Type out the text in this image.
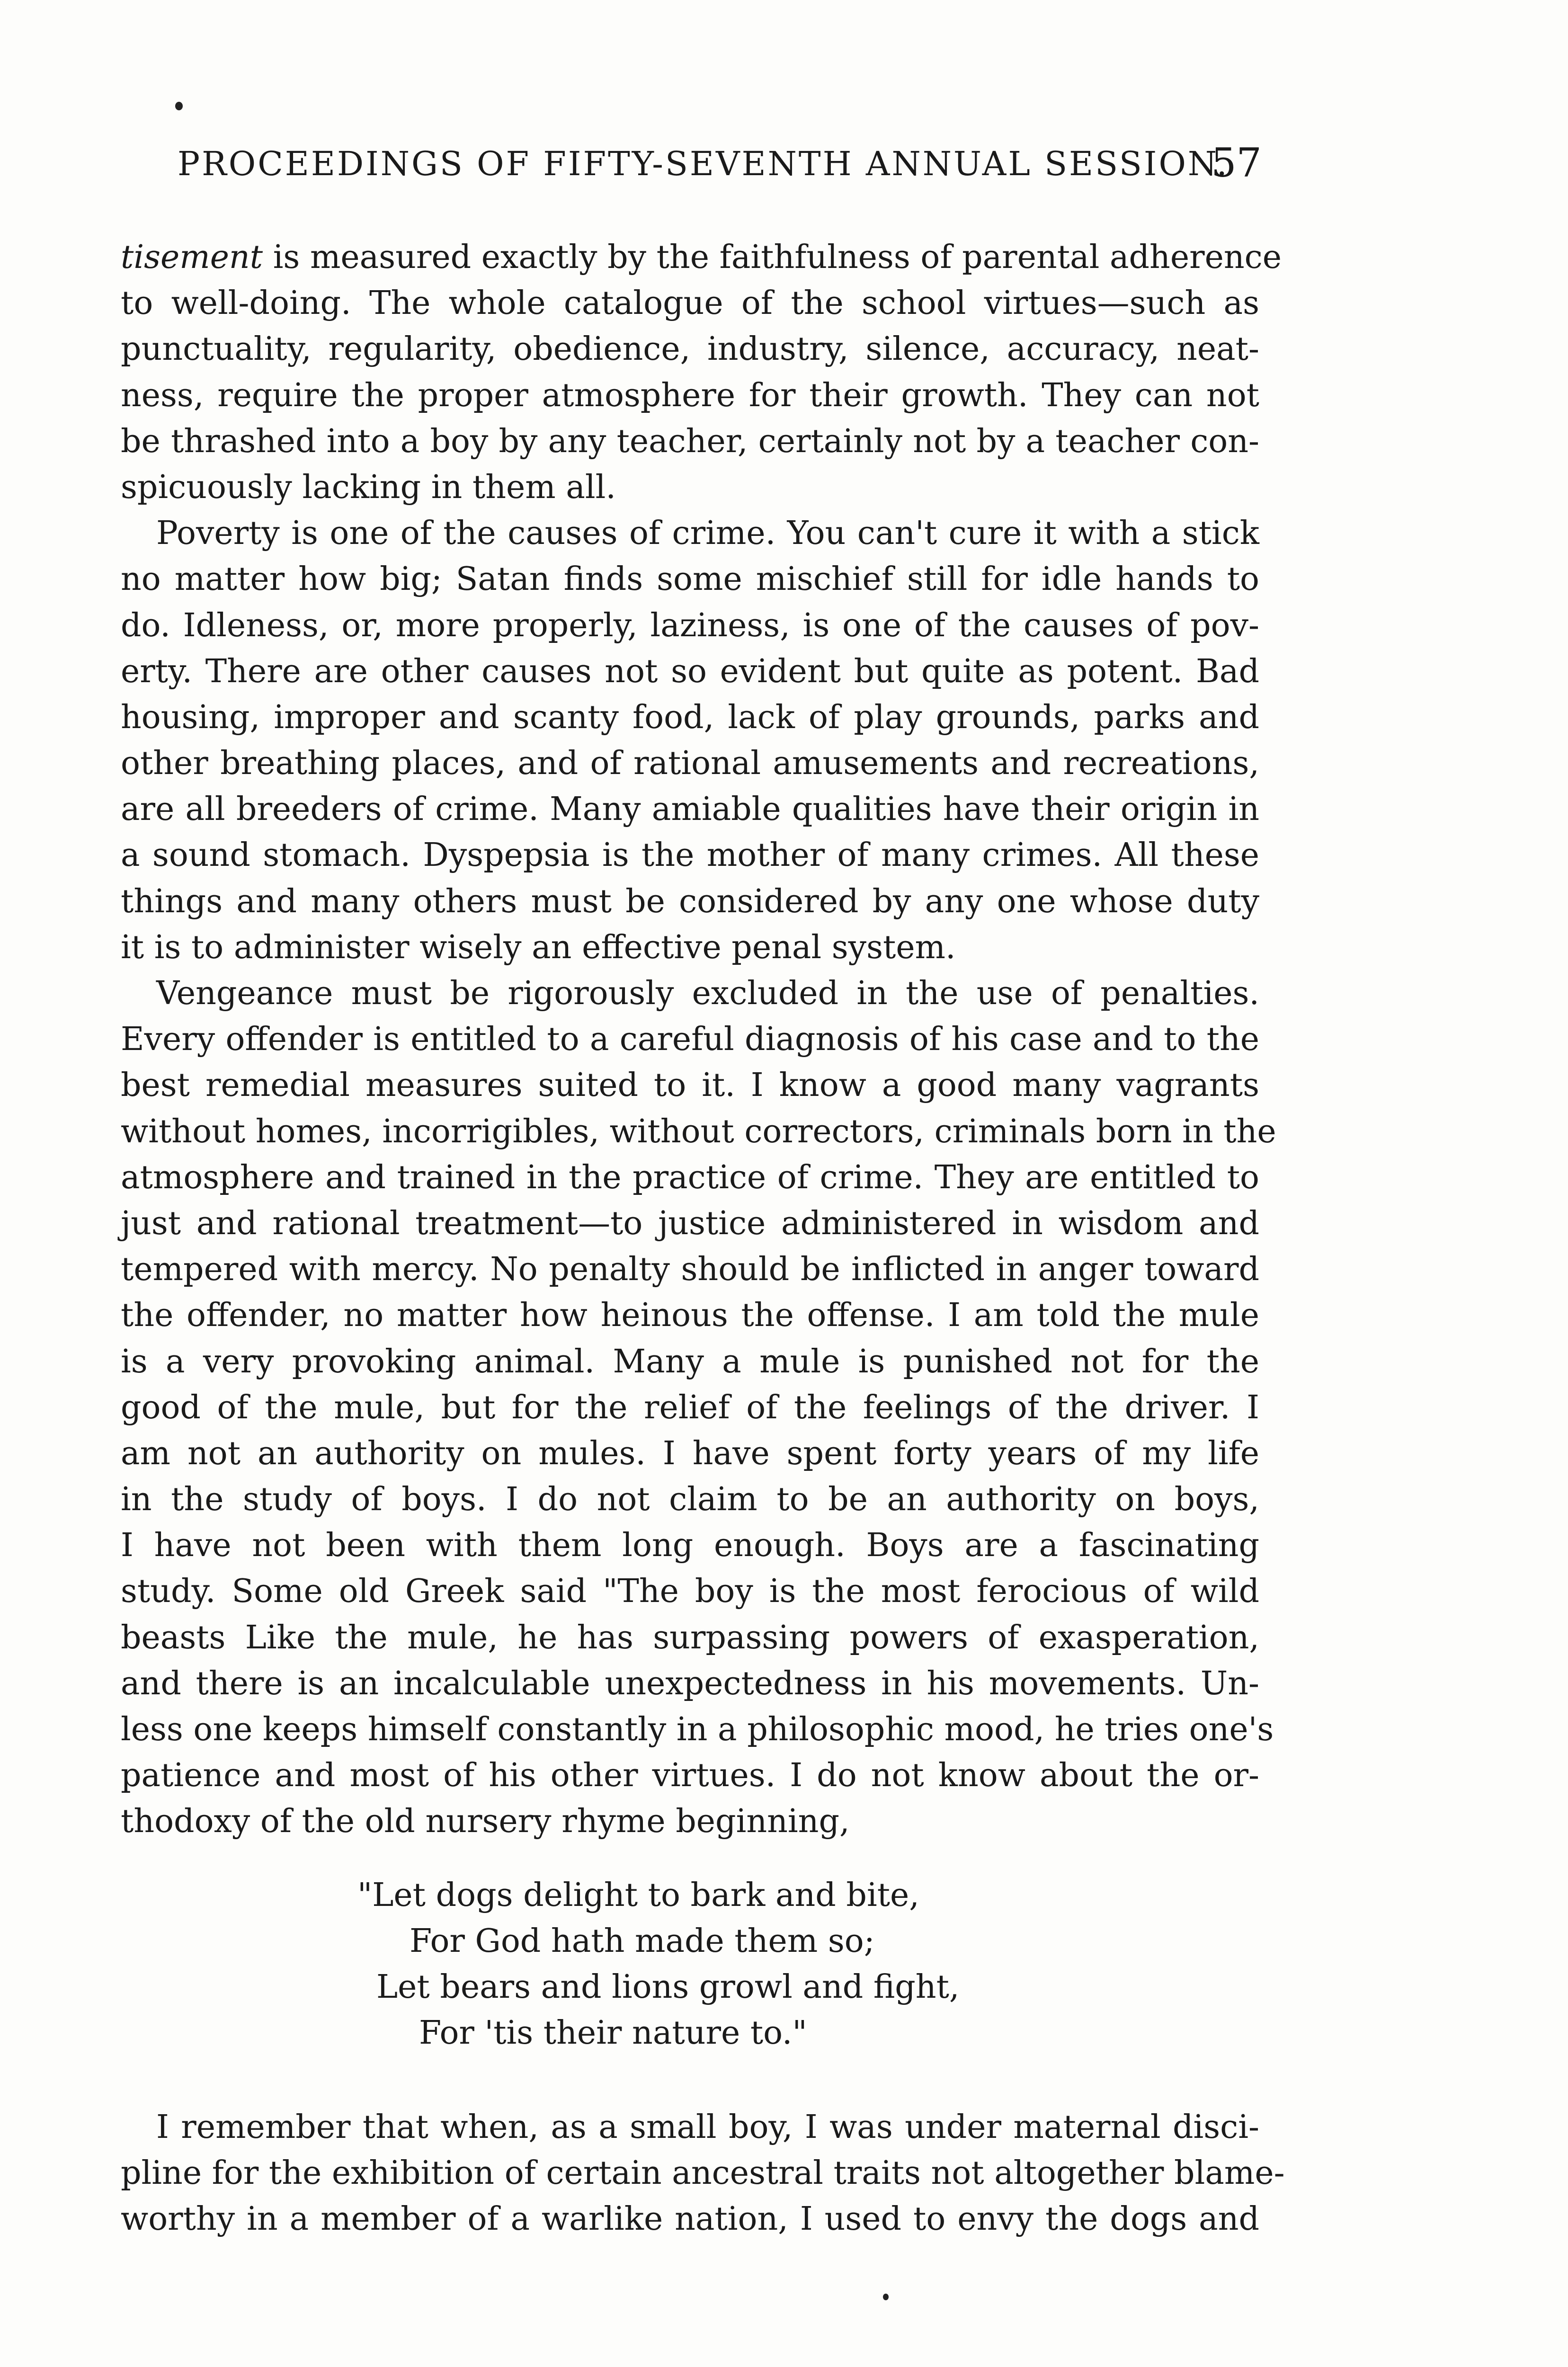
PROCEEDINGS OF FIFTY-SEVENTH ANNUAL SESSION.
57
tisement is measured exactly by the faithfulness of parental adherence
to well-doing. The whole catalogue of the school virtues—such as
punctuality, regularity, obedience, industry, silence, accuracy, neat-
ness, require the proper atmosphere for their growth. They can not
be thrashed into a boy by any teacher, certainly not by a teacher con-
spicuously lacking in them all.
Poverty is one of the causes of crime. You can't cure it with a stick
no matter how big; Satan finds some mischief still for idle hands to
do. Idleness, or, more properly, laziness, is one of the causes of pov-
erty. There are other causes not so evident but quite as potent. Bad
housing, improper and scanty food, lack of play grounds, parks and
other breathing places, and of rational amusements and recreations,
are all breeders of crime. Many amiable qualities have their origin in
a sound stomach. Dyspepsia is the mother of many crimes. All these
things and many others must be considered by any one whose duty
it is to administer wisely an effective penal system.
Vengeance must be rigorously excluded in the use of penalties.
Every offender is entitled to a careful diagnosis of his case and to the
best remedial measures suited to it. I know a good many vagrants
without homes, incorrigibles, without correctors, criminals born in the
atmosphere and trained in the practice of crime. They are entitled to
just and rational treatment—to justice administered in wisdom and
tempered with mercy. No penalty should be inflicted in anger toward
the offender, no matter how heinous the offense. I am told the mule
is a very provoking animal. Many a mule is punished not for the
good of the mule, but for the relief of the feelings of the driver. I
am not an authority on mules. I have spent forty years of my life
in the study of boys. I do not claim to be an authority on boys,
I have not been with them long enough. Boys are a fascinating
study. Some old Greek said "The boy is the most ferocious of wild
beasts Like the mule, he has surpassing powers of exasperation,
and there is an incalculable unexpectedness in his movements. Un-
less one keeps himself constantly in a philosophic mood, he tries one's
patience and most of his other virtues. I do not know about the or-
thodoxy of the old nursery rhyme beginning,
"Let dogs delight to bark and bite,
For God hath made them so;
Let bears and lions growl and fight,
For 'tis their nature to."
I remember that when, as a small boy, I was under maternal disci-
pline for the exhibition of certain ancestral traits not altogether blame-
worthy in a member of a warlike nation, I used to envy the dogs and
